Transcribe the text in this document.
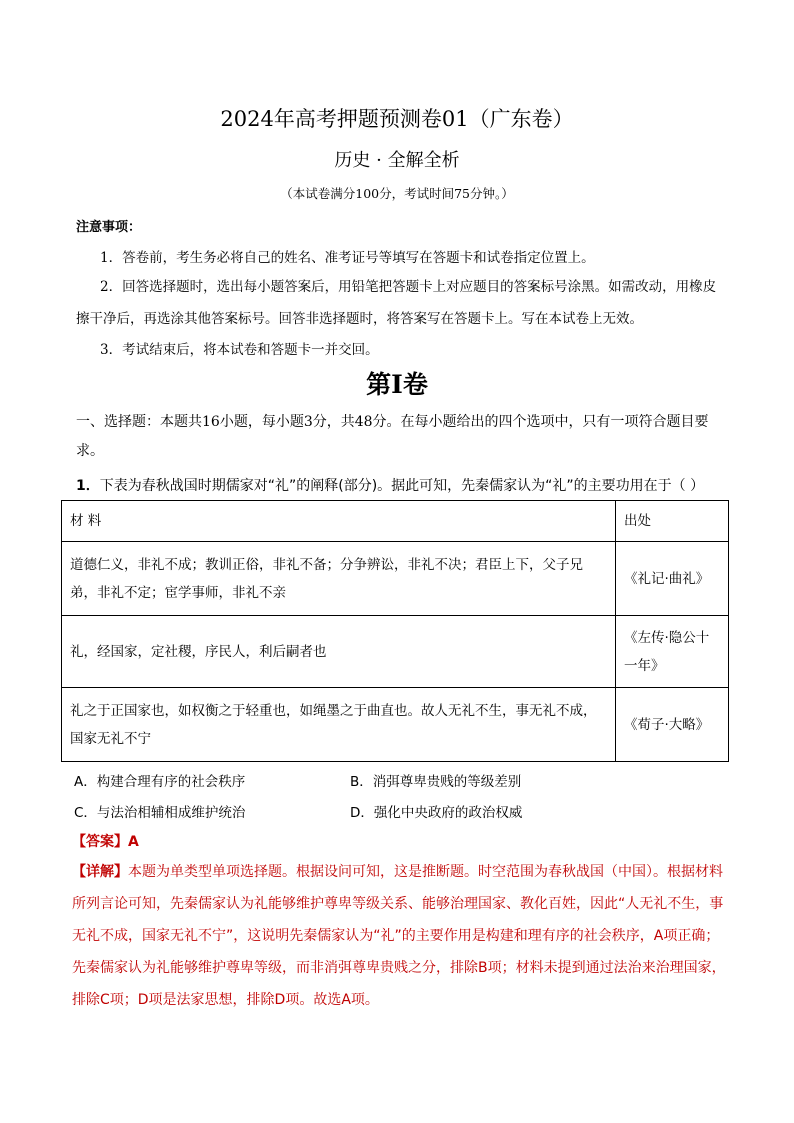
2024年高考押题预测卷01（广东卷）
历史 · 全解全析
（本试卷满分100分，考试时间75分钟。）
注意事项：
1．答卷前，考生务必将自己的姓名、准考证号等填写在答题卡和试卷指定位置上。
2．回答选择题时，选出每小题答案后，用铅笔把答题卡上对应题目的答案标号涂黑。如需改动，用橡皮擦干净后，再选涂其他答案标号。回答非选择题时，将答案写在答题卡上。写在本试卷上无效。
3．考试结束后，将本试卷和答题卡一并交回。
第Ⅰ卷
一、选择题：本题共16小题，每小题3分，共48分。在每小题给出的四个选项中，只有一项符合题目要求。
1．下表为春秋战国时期儒家对“礼”的阐释(部分)。据此可知，先秦儒家认为“礼”的主要功用在于（ ）
材 料	出处
道德仁义，非礼不成；教训正俗，非礼不备；分争辨讼，非礼不决；君臣上下，父子兄弟，非礼不定；宦学事师，非礼不亲	《礼记·曲礼》
礼，经国家，定社稷，序民人，利后嗣者也	《左传·隐公十一年》
礼之于正国家也，如权衡之于轻重也，如绳墨之于曲直也。故人无礼不生，事无礼不成，国家无礼不宁	《荀子·大略》
A．构建合理有序的社会秩序	B．消弭尊卑贵贱的等级差别
C．与法治相辅相成维护统治	D．强化中央政府的政治权威
【答案】A
【详解】本题为单类型单项选择题。根据设问可知，这是推断题。时空范围为春秋战国（中国）。根据材料所列言论可知，先秦儒家认为礼能够维护尊卑等级关系、能够治理国家、教化百姓，因此“人无礼不生，事无礼不成，国家无礼不宁”，这说明先秦儒家认为“礼”的主要作用是构建和理有序的社会秩序，A项正确；先秦儒家认为礼能够维护尊卑等级，而非消弭尊卑贵贱之分，排除B项；材料未提到通过法治来治理国家，排除C项；D项是法家思想，排除D项。故选A项。
